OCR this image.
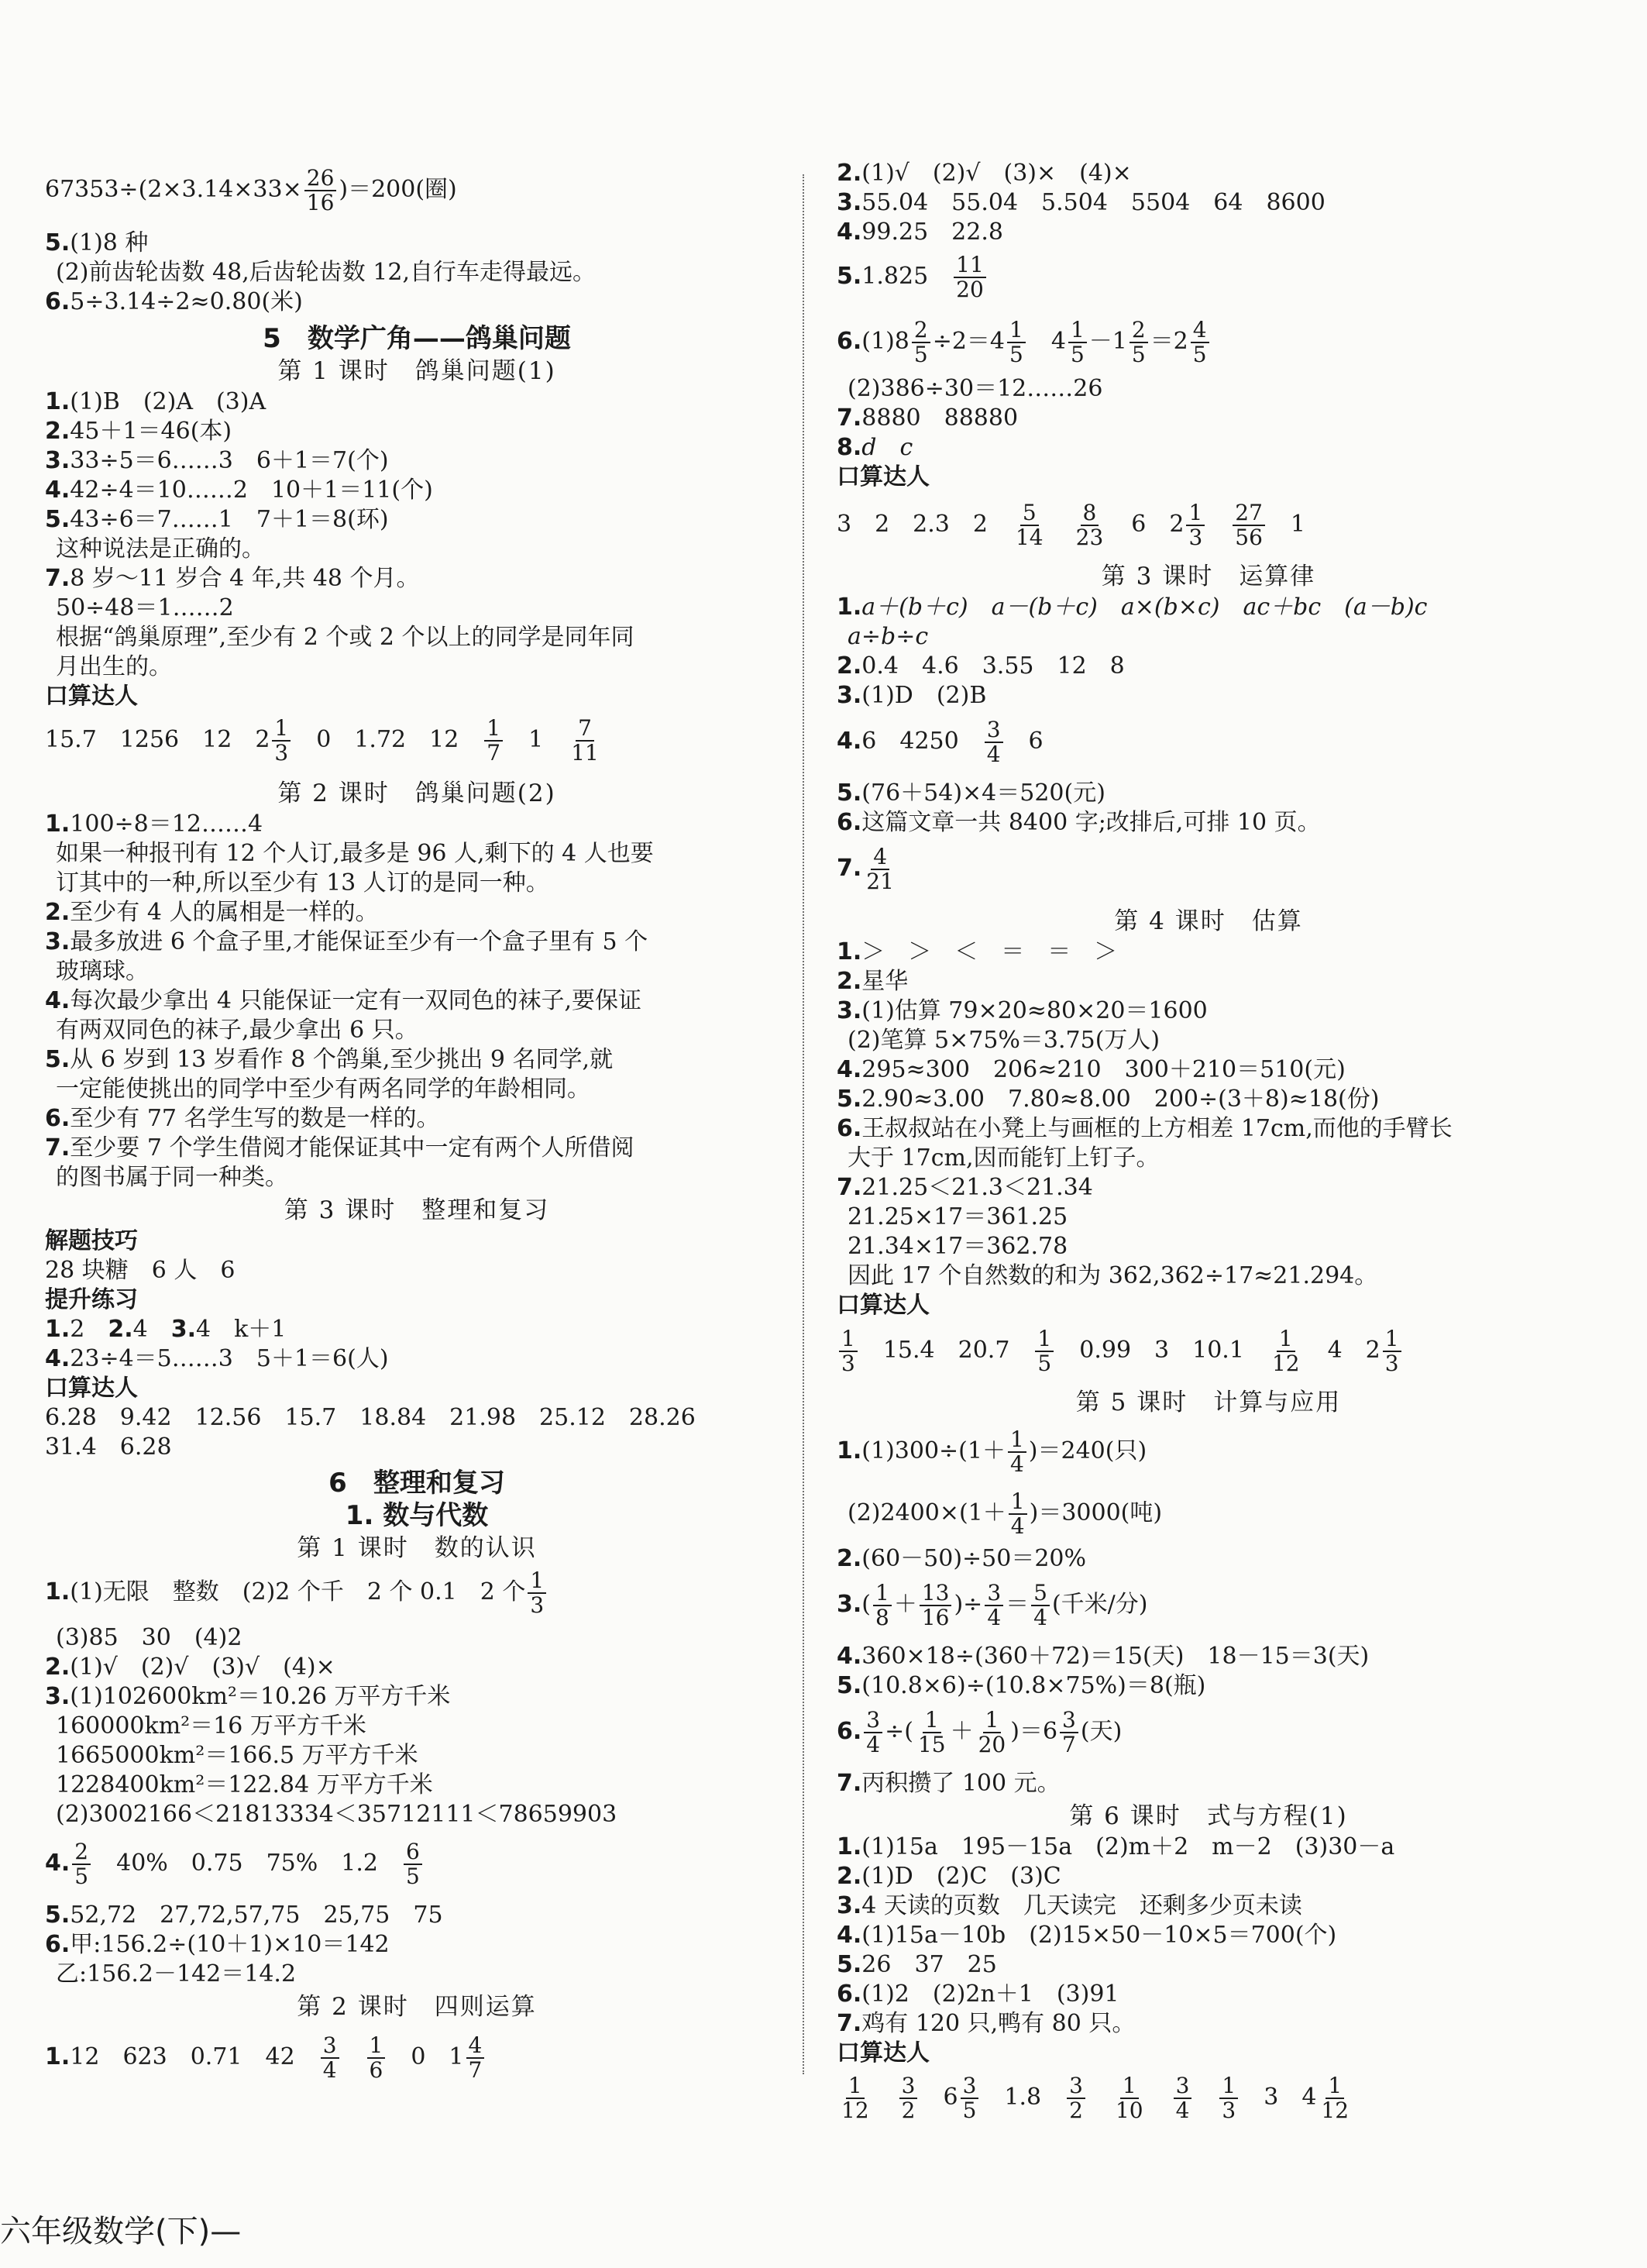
$67353\div(2\times 3.14\times 33\times \frac{26}{16} )=200$(圈)
5.(1)8 种
(2)前齿轮齿数 48,后齿轮齿数 12,自行车走得最远。
6.5÷3.14÷2≈0.80(米)
5　数学广角——鸽巢问题
第 1 课时　鸽巢问题(1)
1.(1)B　(2)A　(3)A
2.45＋1＝46(本)
3.33÷5＝6……3　6＋1＝7(个)
4.42÷4＝10……2　10＋1＝11(个)
5.43÷6＝7……1　7＋1＝8(环)
这种说法是正确的。
7.8 岁～11 岁合 4 年,共 48 个月。
50÷48＝1……2
根据“鸽巢原理”,至少有 2 个或 2 个以上的同学是同年同
月出生的。
口算达人
15.7　1256　12　$2 \frac{1}{3}$
　 0　1.72　12　 $\frac{1}{7}$
　 1　 $\frac{7}{11}$
第 2 课时　鸽巢问题(2)
1.100÷8＝12……4
如果一种报刊有 12 个人订,最多是 96 人,剩下的 4 人也要
订其中的一种,所以至少有 13 人订的是同一种。
2.至少有 4 人的属相是一样的。
3.最多放进 6 个盒子里,才能保证至少有一个盒子里有 5 个
玻璃球。
4.每次最少拿出 4 只能保证一定有一双同色的袜子,要保证
有两双同色的袜子,最少拿出 6 只。
5.从 6 岁到 13 岁看作 8 个鸽巢,至少挑出 9 名同学,就
一定能使挑出的同学中至少有两名同学的年龄相同。
6.至少有 77 名学生写的数是一样的。
7.至少要 7 个学生借阅才能保证其中一定有两个人所借阅
的图书属于同一种类。
第 3 课时　整理和复习
解题技巧
28 块糖　6 人　6
提升练习
1.2　 2.4　 3.4　k＋1
4.23÷4＝5……3　5＋1＝6(人)
口算达人
6.28　9.42　12.56　15.7　18.84　21.98　25.12　28.26
31.4　6.28
6　整理和复习
1. 数与代数
第 1 课时　数的认识
1.(1)无限　整数　(2)2 个千　2 个 0.1　2 个 $\frac{1}{3}$
(3)85　30　(4)2
2.(1)√　(2)√　(3)√　(4)×
3.(1)102600km²＝10.26 万平方千米
160000km²＝16 万平方千米
1665000km²＝166.5 万平方千米
1228400km²＝122.84 万平方千米
(2)3002166＜21813334＜35712111＜78659903
4. $\frac{2}{5}$
　 40%　0.75　75%　1.2　 $\frac{6}{5}$
5.52,72　27,72,57,75　25,75　75
6.甲:156.2÷(10＋1)×10＝142
乙:156.2－142＝14.2
第 2 课时　四则运算
1.12　623　0.71　42　 $\frac{3}{4}$
　 $\frac{1}{6}$
　 0　$1 \frac{4}{7}$
2.(1)√　(2)√　(3)×　(4)×
3.55.04　55.04　5.504　5504　64　8600
4.99.25　22.8
5.1.825　 $\frac{11}{20}$
$6.(1)8 \frac{2}{5} \div 2=4 \frac{1}{5}$
　 $4 \frac{1}{5} -1 \frac{2}{5} =2 \frac{4}{5}$
(2)386÷30＝12……26
7.8880　88880
8.d　c
口算达人
3　2　2.3　2　 $\frac{5}{14}$
　 $\frac{8}{23}$
　 6　$2 \frac{1}{3}$
　 $\frac{27}{56}$
　 1
第 3 课时　运算律
1.a＋(b＋c)　a－(b＋c)　a×(b×c)　ac＋bc　(a－b)c
a÷b÷c
2.0.4　4.6　3.55　12　8
3.(1)D　(2)B
4.6　4250　 $\frac{3}{4}$
　 6
5.(76＋54)×4＝520(元)
6.这篇文章一共 8400 字;改排后,可排 10 页。
7. $\frac{4}{21}$
第 4 课时　估算
1.＞　＞　＜　＝　＝　＞
2.星华
3.(1)估算 79×20≈80×20＝1600
(2)笔算 5×75%＝3.75(万人)
4.295≈300　206≈210　300＋210＝510(元)
5.2.90≈3.00　7.80≈8.00　200÷(3＋8)≈18(份)
6.王叔叔站在小凳上与画框的上方相差 17cm,而他的手臂长
大于 17cm,因而能钉上钉子。
7.21.25＜21.3＜21.34
21.25×17＝361.25
21.34×17＝362.78
因此 17 个自然数的和为 362,362÷17≈21.294。
口算达人
$\frac{1}{3}$
　 15.4　20.7　 $\frac{1}{5}$
　 0.99　3　10.1　 $\frac{1}{12}$
　 4　$2 \frac{1}{3}$
第 5 课时　计算与应用
$1.(1)300\div(1+ \frac{1}{4} )=240$(只)
$(2)2400\times(1+ \frac{1}{4} )=3000$(吨)
2.(60－50)÷50＝20%
$3.( \frac{1}{8} + \frac{13}{16}$ )÷ $\frac{3}{4} = \frac{5}{4}$ (千米/分)
4.360×18÷(360＋72)＝15(天)　18－15＝3(天)
5.(10.8×6)÷(10.8×75%)＝8(瓶)
6. $\frac{3}{4}$ ÷( $\frac{1}{15} + \frac{1}{20} )=6 \frac{3}{7}$ (天)
7.丙积攒了 100 元。
第 6 课时　式与方程(1)
1.(1)15a　195－15a　(2)m＋2　m－2　(3)30－a
2.(1)D　(2)C　(3)C
3.4 天读的页数　几天读完　还剩多少页未读
4.(1)15a－10b　(2)15×50－10×5＝700(个)
5.26　37　25
6.(1)2　(2)2n＋1　(3)91
7.鸡有 120 只,鸭有 80 只。
口算达人
$\frac{1}{12}$
　 $\frac{3}{2}$
　 $6 \frac{3}{5}$
　 1.8　 $\frac{3}{2}$
　 $\frac{1}{10}$
　 $\frac{3}{4}$
　 $\frac{1}{3}$
　 3　$4 \frac{1}{12}$
六年级数学(下)—
